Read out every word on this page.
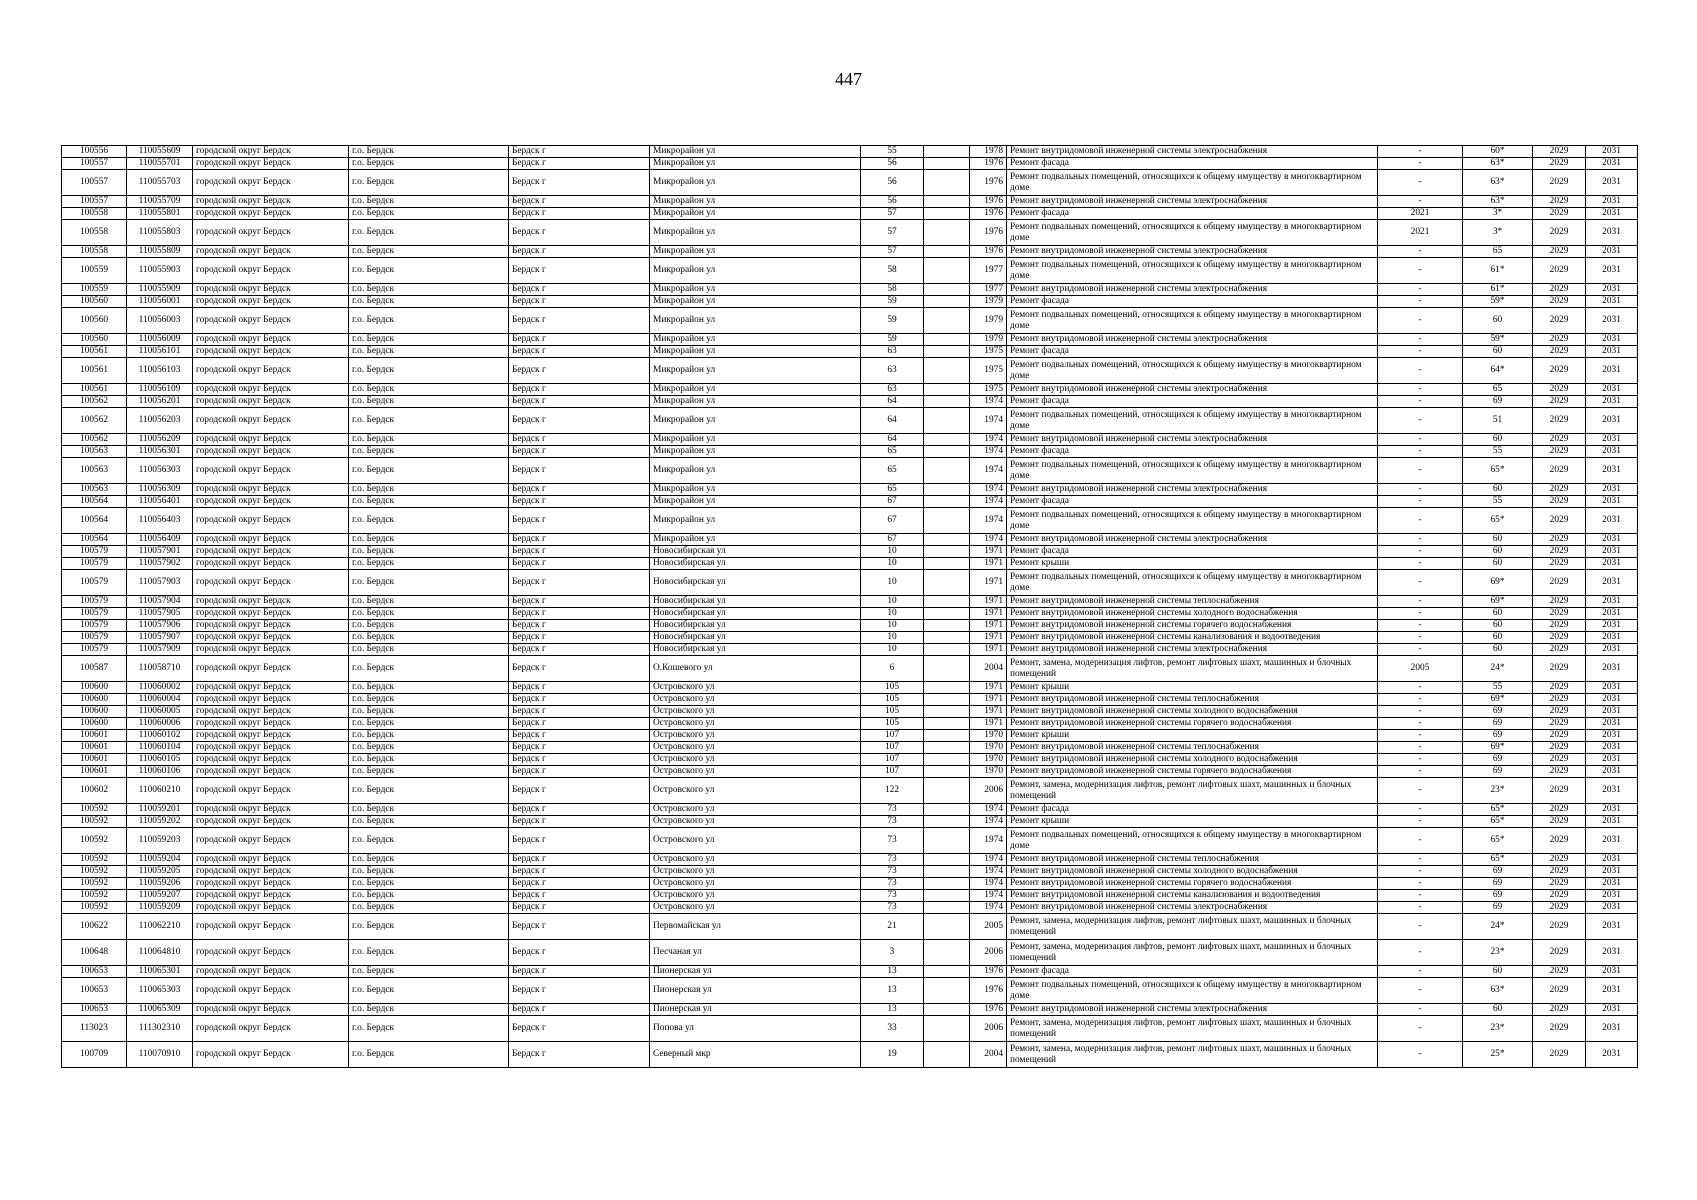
447
100556	110055609	городской округ Бердск	г.о. Бердск	Бердск г	Микрорайон ул	55		1978	Ремонт внутридомовой инженерной системы электроснабжения	-	60*	2029	2031
100557	110055701	городской округ Бердск	г.о. Бердск	Бердск г	Микрорайон ул	56		1976	Ремонт фасада	-	63*	2029	2031
100557	110055703	городской округ Бердск	г.о. Бердск	Бердск г	Микрорайон ул	56		1976	Ремонт подвальных помещений, относящихся к общему имуществу в многоквартирном доме	-	63*	2029	2031
100557	110055709	городской округ Бердск	г.о. Бердск	Бердск г	Микрорайон ул	56		1976	Ремонт внутридомовой инженерной системы электроснабжения	-	63*	2029	2031
100558	110055801	городской округ Бердск	г.о. Бердск	Бердск г	Микрорайон ул	57		1976	Ремонт фасада	2021	3*	2029	2031
100558	110055803	городской округ Бердск	г.о. Бердск	Бердск г	Микрорайон ул	57		1976	Ремонт подвальных помещений, относящихся к общему имуществу в многоквартирном доме	2021	3*	2029	2031
100558	110055809	городской округ Бердск	г.о. Бердск	Бердск г	Микрорайон ул	57		1976	Ремонт внутридомовой инженерной системы электроснабжения	-	65	2029	2031
100559	110055903	городской округ Бердск	г.о. Бердск	Бердск г	Микрорайон ул	58		1977	Ремонт подвальных помещений, относящихся к общему имуществу в многоквартирном доме	-	61*	2029	2031
100559	110055909	городской округ Бердск	г.о. Бердск	Бердск г	Микрорайон ул	58		1977	Ремонт внутридомовой инженерной системы электроснабжения	-	61*	2029	2031
100560	110056001	городской округ Бердск	г.о. Бердск	Бердск г	Микрорайон ул	59		1979	Ремонт фасада	-	59*	2029	2031
100560	110056003	городской округ Бердск	г.о. Бердск	Бердск г	Микрорайон ул	59		1979	Ремонт подвальных помещений, относящихся к общему имуществу в многоквартирном доме	-	60	2029	2031
100560	110056009	городской округ Бердск	г.о. Бердск	Бердск г	Микрорайон ул	59		1979	Ремонт внутридомовой инженерной системы электроснабжения	-	59*	2029	2031
100561	110056101	городской округ Бердск	г.о. Бердск	Бердск г	Микрорайон ул	63		1975	Ремонт фасада	-	60	2029	2031
100561	110056103	городской округ Бердск	г.о. Бердск	Бердск г	Микрорайон ул	63		1975	Ремонт подвальных помещений, относящихся к общему имуществу в многоквартирном доме	-	64*	2029	2031
100561	110056109	городской округ Бердск	г.о. Бердск	Бердск г	Микрорайон ул	63		1975	Ремонт внутридомовой инженерной системы электроснабжения	-	65	2029	2031
100562	110056201	городской округ Бердск	г.о. Бердск	Бердск г	Микрорайон ул	64		1974	Ремонт фасада	-	69	2029	2031
100562	110056203	городской округ Бердск	г.о. Бердск	Бердск г	Микрорайон ул	64		1974	Ремонт подвальных помещений, относящихся к общему имуществу в многоквартирном доме	-	51	2029	2031
100562	110056209	городской округ Бердск	г.о. Бердск	Бердск г	Микрорайон ул	64		1974	Ремонт внутридомовой инженерной системы электроснабжения	-	60	2029	2031
100563	110056301	городской округ Бердск	г.о. Бердск	Бердск г	Микрорайон ул	65		1974	Ремонт фасада	-	55	2029	2031
100563	110056303	городской округ Бердск	г.о. Бердск	Бердск г	Микрорайон ул	65		1974	Ремонт подвальных помещений, относящихся к общему имуществу в многоквартирном доме	-	65*	2029	2031
100563	110056309	городской округ Бердск	г.о. Бердск	Бердск г	Микрорайон ул	65		1974	Ремонт внутридомовой инженерной системы электроснабжения	-	60	2029	2031
100564	110056401	городской округ Бердск	г.о. Бердск	Бердск г	Микрорайон ул	67		1974	Ремонт фасада	-	55	2029	2031
100564	110056403	городской округ Бердск	г.о. Бердск	Бердск г	Микрорайон ул	67		1974	Ремонт подвальных помещений, относящихся к общему имуществу в многоквартирном доме	-	65*	2029	2031
100564	110056409	городской округ Бердск	г.о. Бердск	Бердск г	Микрорайон ул	67		1974	Ремонт внутридомовой инженерной системы электроснабжения	-	60	2029	2031
100579	110057901	городской округ Бердск	г.о. Бердск	Бердск г	Новосибирская ул	10		1971	Ремонт фасада	-	60	2029	2031
100579	110057902	городской округ Бердск	г.о. Бердск	Бердск г	Новосибирская ул	10		1971	Ремонт крыши	-	60	2029	2031
100579	110057903	городской округ Бердск	г.о. Бердск	Бердск г	Новосибирская ул	10		1971	Ремонт подвальных помещений, относящихся к общему имуществу в многоквартирном доме	-	69*	2029	2031
100579	110057904	городской округ Бердск	г.о. Бердск	Бердск г	Новосибирская ул	10		1971	Ремонт внутридомовой инженерной системы теплоснабжения	-	69*	2029	2031
100579	110057905	городской округ Бердск	г.о. Бердск	Бердск г	Новосибирская ул	10		1971	Ремонт внутридомовой инженерной системы холодного водоснабжения	-	60	2029	2031
100579	110057906	городской округ Бердск	г.о. Бердск	Бердск г	Новосибирская ул	10		1971	Ремонт внутридомовой инженерной системы горячего водоснабжения	-	60	2029	2031
100579	110057907	городской округ Бердск	г.о. Бердск	Бердск г	Новосибирская ул	10		1971	Ремонт внутридомовой инженерной системы канализования и водоотведения	-	60	2029	2031
100579	110057909	городской округ Бердск	г.о. Бердск	Бердск г	Новосибирская ул	10		1971	Ремонт внутридомовой инженерной системы электроснабжения	-	60	2029	2031
100587	110058710	городской округ Бердск	г.о. Бердск	Бердск г	О.Кошевого ул	6		2004	Ремонт, замена, модернизация лифтов, ремонт лифтовых шахт, машинных и блочных помещений	2005	24*	2029	2031
100600	110060002	городской округ Бердск	г.о. Бердск	Бердск г	Островского ул	105		1971	Ремонт крыши	-	55	2029	2031
100600	110060004	городской округ Бердск	г.о. Бердск	Бердск г	Островского ул	105		1971	Ремонт внутридомовой инженерной системы теплоснабжения	-	69*	2029	2031
100600	110060005	городской округ Бердск	г.о. Бердск	Бердск г	Островского ул	105		1971	Ремонт внутридомовой инженерной системы холодного водоснабжения	-	69	2029	2031
100600	110060006	городской округ Бердск	г.о. Бердск	Бердск г	Островского ул	105		1971	Ремонт внутридомовой инженерной системы горячего водоснабжения	-	69	2029	2031
100601	110060102	городской округ Бердск	г.о. Бердск	Бердск г	Островского ул	107		1970	Ремонт крыши	-	69	2029	2031
100601	110060104	городской округ Бердск	г.о. Бердск	Бердск г	Островского ул	107		1970	Ремонт внутридомовой инженерной системы теплоснабжения	-	69*	2029	2031
100601	110060105	городской округ Бердск	г.о. Бердск	Бердск г	Островского ул	107		1970	Ремонт внутридомовой инженерной системы холодного водоснабжения	-	69	2029	2031
100601	110060106	городской округ Бердск	г.о. Бердск	Бердск г	Островского ул	107		1970	Ремонт внутридомовой инженерной системы горячего водоснабжения	-	69	2029	2031
100602	110060210	городской округ Бердск	г.о. Бердск	Бердск г	Островского ул	122		2006	Ремонт, замена, модернизация лифтов, ремонт лифтовых шахт, машинных и блочных помещений	-	23*	2029	2031
100592	110059201	городской округ Бердск	г.о. Бердск	Бердск г	Островского ул	73		1974	Ремонт фасада	-	65*	2029	2031
100592	110059202	городской округ Бердск	г.о. Бердск	Бердск г	Островского ул	73		1974	Ремонт крыши	-	65*	2029	2031
100592	110059203	городской округ Бердск	г.о. Бердск	Бердск г	Островского ул	73		1974	Ремонт подвальных помещений, относящихся к общему имуществу в многоквартирном доме	-	65*	2029	2031
100592	110059204	городской округ Бердск	г.о. Бердск	Бердск г	Островского ул	73		1974	Ремонт внутридомовой инженерной системы теплоснабжения	-	65*	2029	2031
100592	110059205	городской округ Бердск	г.о. Бердск	Бердск г	Островского ул	73		1974	Ремонт внутридомовой инженерной системы холодного водоснабжения	-	69	2029	2031
100592	110059206	городской округ Бердск	г.о. Бердск	Бердск г	Островского ул	73		1974	Ремонт внутридомовой инженерной системы горячего водоснабжения	-	69	2029	2031
100592	110059207	городской округ Бердск	г.о. Бердск	Бердск г	Островского ул	73		1974	Ремонт внутридомовой инженерной системы канализования и водоотведения	-	69	2029	2031
100592	110059209	городской округ Бердск	г.о. Бердск	Бердск г	Островского ул	73		1974	Ремонт внутридомовой инженерной системы электроснабжения	-	69	2029	2031
100622	110062210	городской округ Бердск	г.о. Бердск	Бердск г	Первомайская ул	21		2005	Ремонт, замена, модернизация лифтов, ремонт лифтовых шахт, машинных и блочных помещений	-	24*	2029	2031
100648	110064810	городской округ Бердск	г.о. Бердск	Бердск г	Песчаная ул	3		2006	Ремонт, замена, модернизация лифтов, ремонт лифтовых шахт, машинных и блочных помещений	-	23*	2029	2031
100653	110065301	городской округ Бердск	г.о. Бердск	Бердск г	Пионерская ул	13		1976	Ремонт фасада	-	60	2029	2031
100653	110065303	городской округ Бердск	г.о. Бердск	Бердск г	Пионерская ул	13		1976	Ремонт подвальных помещений, относящихся к общему имуществу в многоквартирном доме	-	63*	2029	2031
100653	110065309	городской округ Бердск	г.о. Бердск	Бердск г	Пионерская ул	13		1976	Ремонт внутридомовой инженерной системы электроснабжения	-	60	2029	2031
113023	111302310	городской округ Бердск	г.о. Бердск	Бердск г	Попова ул	33		2006	Ремонт, замена, модернизация лифтов, ремонт лифтовых шахт, машинных и блочных помещений	-	23*	2029	2031
100709	110070910	городской округ Бердск	г.о. Бердск	Бердск г	Северный мкр	19		2004	Ремонт, замена, модернизация лифтов, ремонт лифтовых шахт, машинных и блочных помещений	-	25*	2029	2031
